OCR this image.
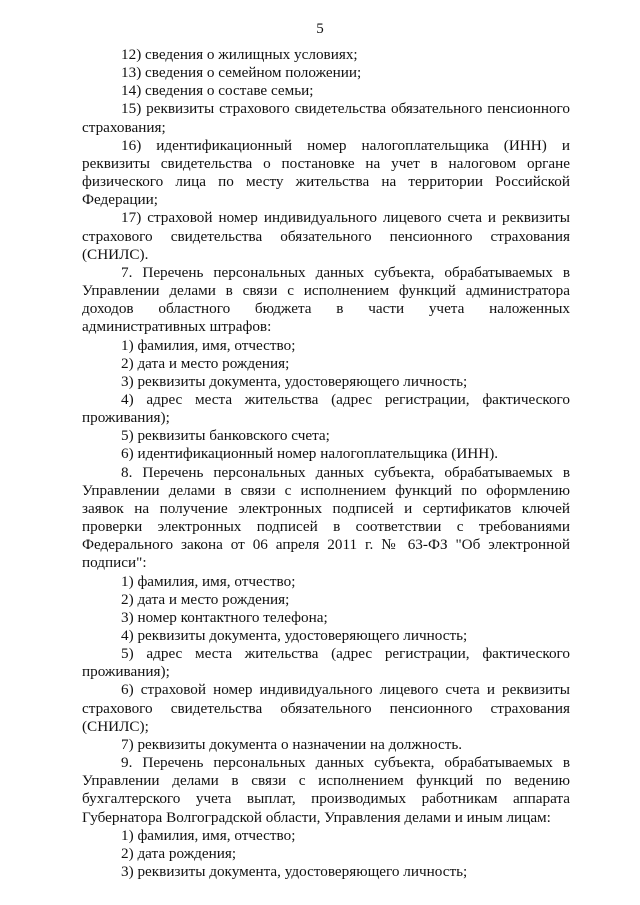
5

12) сведения о жилищных условиях;

13) сведения о семейном положении;

14) сведения о составе семьи;

15) реквизиты страхового свидетельства обязательного пенсионного страхования;

16) идентификационный номер налогоплательщика (ИНН) и реквизиты свидетельства о постановке на учет в налоговом органе физического лица по месту жительства на территории Российской Федерации;

17) страховой номер индивидуального лицевого счета и реквизиты страхового свидетельства обязательного пенсионного страхования (СНИЛС).

7. Перечень персональных данных субъекта, обрабатываемых в Управлении делами в связи с исполнением функций администратора доходов областного бюджета в части учета наложенных административных штрафов:

1) фамилия, имя, отчество;

2) дата и место рождения;

3) реквизиты документа, удостоверяющего личность;

4) адрес места жительства (адрес регистрации, фактического проживания);

5) реквизиты банковского счета;

6) идентификационный номер налогоплательщика (ИНН).

8. Перечень персональных данных субъекта, обрабатываемых в Управлении делами в связи с исполнением функций по оформлению заявок на получение электронных подписей и сертификатов ключей проверки электронных подписей в соответствии с требованиями Федерального закона от 06 апреля 2011 г. № 63-ФЗ "Об электронной подписи":

1) фамилия, имя, отчество;

2) дата и место рождения;

3) номер контактного телефона;

4) реквизиты документа, удостоверяющего личность;

5) адрес места жительства (адрес регистрации, фактического проживания);

6) страховой номер индивидуального лицевого счета и реквизиты страхового свидетельства обязательного пенсионного страхования (СНИЛС);

7) реквизиты документа о назначении на должность.

9. Перечень персональных данных субъекта, обрабатываемых в Управлении делами в связи с исполнением функций по ведению бухгалтерского учета выплат, производимых работникам аппарата Губернатора Волгоградской области, Управления делами и иным лицам:

1) фамилия, имя, отчество;

2) дата рождения;

3) реквизиты документа, удостоверяющего личность;
